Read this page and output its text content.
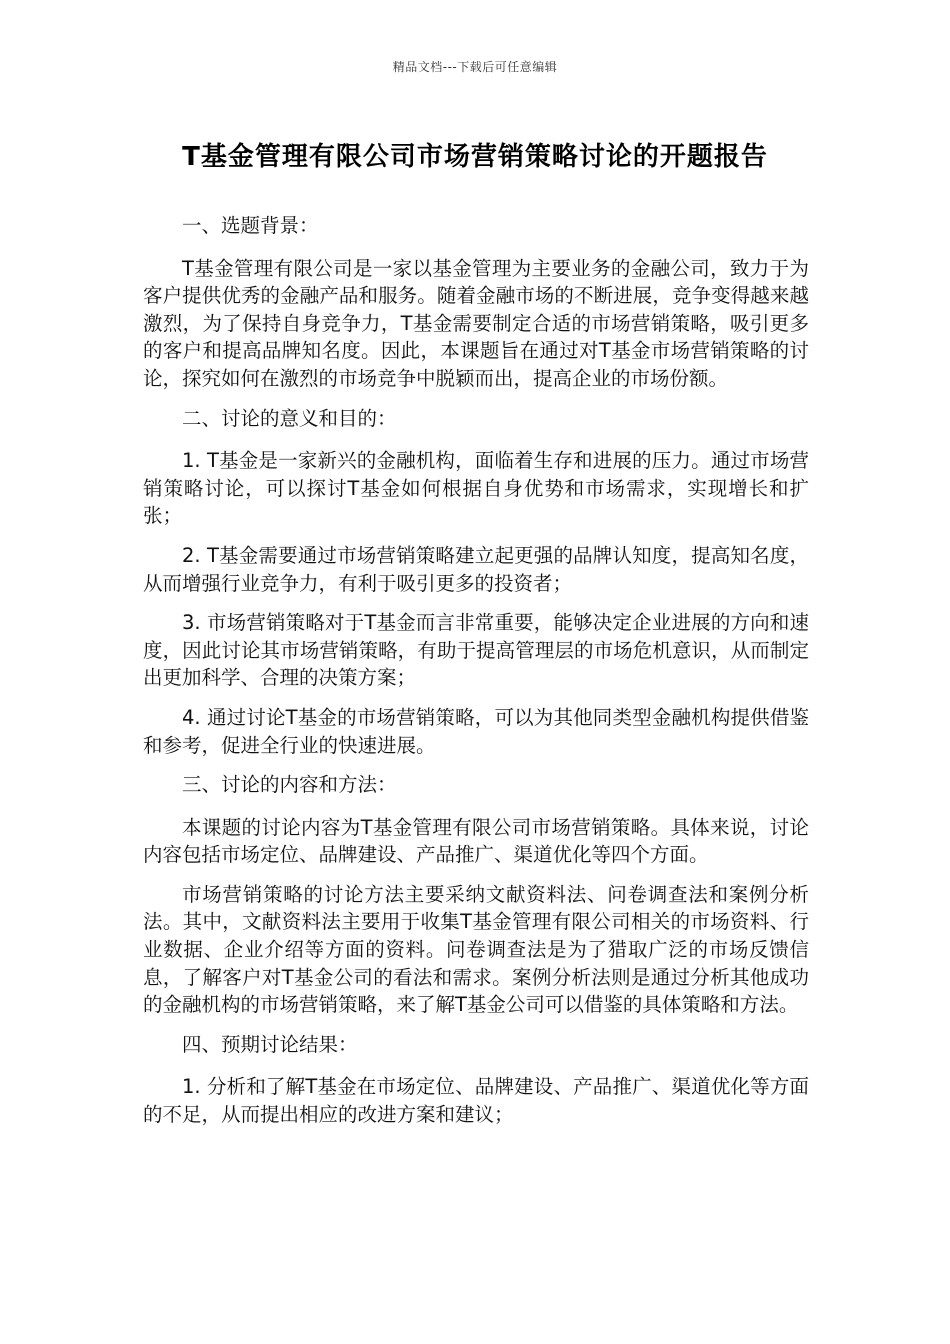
精品文档---下载后可任意编辑
T基金管理有限公司市场营销策略讨论的开题报告

一、选题背景：

T基金管理有限公司是一家以基金管理为主要业务的金融公司，致力于为客户提供优秀的金融产品和服务。随着金融市场的不断进展，竞争变得越来越激烈，为了保持自身竞争力，T基金需要制定合适的市场营销策略，吸引更多的客户和提高品牌知名度。因此，本课题旨在通过对T基金市场营销策略的讨论，探究如何在激烈的市场竞争中脱颖而出，提高企业的市场份额。

二、讨论的意义和目的：

1. T基金是一家新兴的金融机构，面临着生存和进展的压力。通过市场营销策略讨论，可以探讨T基金如何根据自身优势和市场需求，实现增长和扩张；

2. T基金需要通过市场营销策略建立起更强的品牌认知度，提高知名度，从而增强行业竞争力，有利于吸引更多的投资者；

3. 市场营销策略对于T基金而言非常重要，能够决定企业进展的方向和速度，因此讨论其市场营销策略，有助于提高管理层的市场危机意识，从而制定出更加科学、合理的决策方案；

4. 通过讨论T基金的市场营销策略，可以为其他同类型金融机构提供借鉴和参考，促进全行业的快速进展。

三、讨论的内容和方法：

本课题的讨论内容为T基金管理有限公司市场营销策略。具体来说，讨论内容包括市场定位、品牌建设、产品推广、渠道优化等四个方面。

市场营销策略的讨论方法主要采纳文献资料法、问卷调查法和案例分析法。其中，文献资料法主要用于收集T基金管理有限公司相关的市场资料、行业数据、企业介绍等方面的资料。问卷调查法是为了猎取广泛的市场反馈信息，了解客户对T基金公司的看法和需求。案例分析法则是通过分析其他成功的金融机构的市场营销策略，来了解T基金公司可以借鉴的具体策略和方法。

四、预期讨论结果：

1. 分析和了解T基金在市场定位、品牌建设、产品推广、渠道优化等方面的不足，从而提出相应的改进方案和建议；
